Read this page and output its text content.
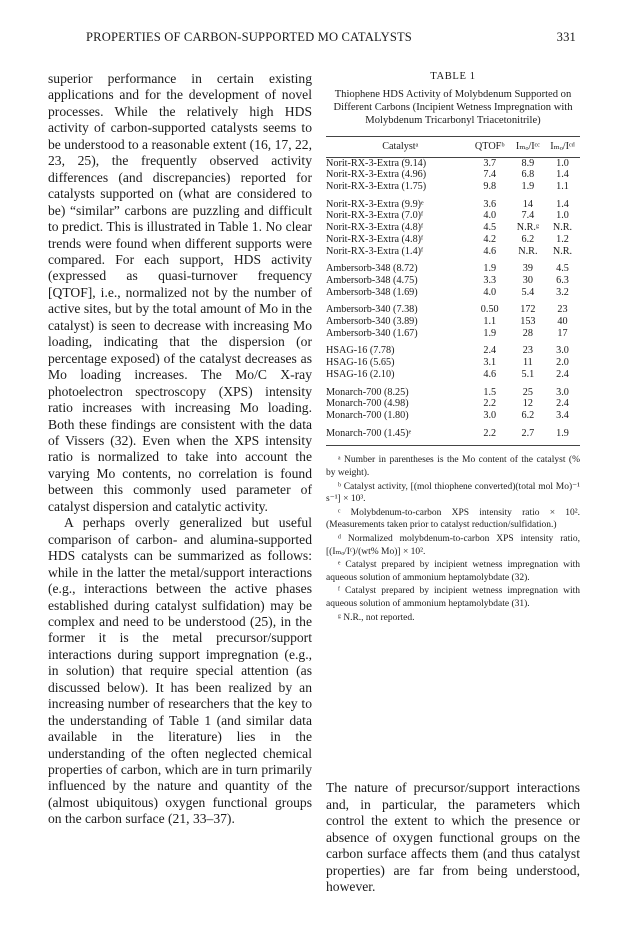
PROPERTIES OF CARBON-SUPPORTED MO CATALYSTS	331

superior performance in certain existing applications and for the development of novel processes. While the relatively high HDS activity of carbon-supported catalysts seems to be understood to a reasonable extent (16, 17, 22, 23, 25), the frequently observed activity differences (and discrepancies) reported for catalysts supported on (what are considered to be) “similar” carbons are puzzling and difficult to predict. This is illustrated in Table 1. No clear trends were found when different supports were compared. For each support, HDS activity (expressed as quasi-turnover frequency [QTOF], i.e., normalized not by the number of active sites, but by the total amount of Mo in the catalyst) is seen to decrease with increasing Mo loading, indicating that the dispersion (or percentage exposed) of the catalyst decreases as Mo loading increases. The Mo/C X-ray photoelectron spectroscopy (XPS) intensity ratio increases with increasing Mo loading. Both these findings are consistent with the data of Vissers (32). Even when the XPS intensity ratio is normalized to take into account the varying Mo contents, no correlation is found between this commonly used parameter of catalyst dispersion and catalytic activity.

A perhaps overly generalized but useful comparison of carbon- and alumina-supported HDS catalysts can be summarized as follows: while in the latter the metal/support interactions (e.g., interactions between the active phases established during catalyst sulfidation) may be complex and need to be understood (25), in the former it is the metal precursor/support interactions during support impregnation (e.g., in solution) that require special attention (as discussed below). It has been realized by an increasing number of researchers that the key to the understanding of Table 1 (and similar data available in the literature) lies in the understanding of the often neglected chemical properties of carbon, which are in turn primarily influenced by the nature and quantity of the (almost ubiquitous) oxygen functional groups on the carbon surface (21, 33–37).

TABLE 1
Thiophene HDS Activity of Molybdenum Supported on Different Carbons (Incipient Wetness Impregnation with Molybdenum Tricarbonyl Triacetonitrile)
Catalystᵃ	QTOFᵇ	Iₘₒ/Iᶜᶜ	Iₘₒ/Iᶜᵈ
Norit-RX-3-Extra (9.14)	3.7	8.9	1.0
Norit-RX-3-Extra (4.96)	7.4	6.8	1.4
Norit-RX-3-Extra (1.75)	9.8	1.9	1.1
Norit-RX-3-Extra (9.9)ᵉ	3.6	14	1.4
Norit-RX-3-Extra (7.0)ᶠ	4.0	7.4	1.0
Norit-RX-3-Extra (4.8)ᶠ	4.5	N.R.ᵍ	N.R.
Norit-RX-3-Extra (4.8)ᶠ	4.2	6.2	1.2
Norit-RX-3-Extra (1.4)ᶠ	4.6	N.R.	N.R.
Ambersorb-348 (8.72)	1.9	39	4.5
Ambersorb-348 (4.75)	3.3	30	6.3
Ambersorb-348 (1.69)	4.0	5.4	3.2
Ambersorb-340 (7.38)	0.50	172	23
Ambersorb-340 (3.89)	1.1	153	40
Ambersorb-340 (1.67)	1.9	28	17
HSAG-16 (7.78)	2.4	23	3.0
HSAG-16 (5.65)	3.1	11	2.0
HSAG-16 (2.10)	4.6	5.1	2.4
Monarch-700 (8.25)	1.5	25	3.0
Monarch-700 (4.98)	2.2	12	2.4
Monarch-700 (1.80)	3.0	6.2	3.4
Monarch-700 (1.45)ᵉ	2.2	2.7	1.9

ᵃ Number in parentheses is the Mo content of the catalyst (% by weight).

ᵇ Catalyst activity, [(mol thiophene converted)(total mol Mo)⁻¹ s⁻¹] × 10³.

ᶜ Molybdenum-to-carbon XPS intensity ratio × 10². (Measurements taken prior to catalyst reduction/sulfidation.)

ᵈ Normalized molybdenum-to-carbon XPS intensity ratio, [(Iₘₒ/Iᶜ)/(wt% Mo)] × 10².

ᵉ Catalyst prepared by incipient wetness impregnation with aqueous solution of ammonium heptamolybdate (32).

ᶠ Catalyst prepared by incipient wetness impregnation with aqueous solution of ammonium heptamolybdate (31).

ᵍ N.R., not reported.

The nature of precursor/support interactions and, in particular, the parameters which control the extent to which the presence or absence of oxygen functional groups on the carbon surface affects them (and thus catalyst properties) are far from being understood, however.
